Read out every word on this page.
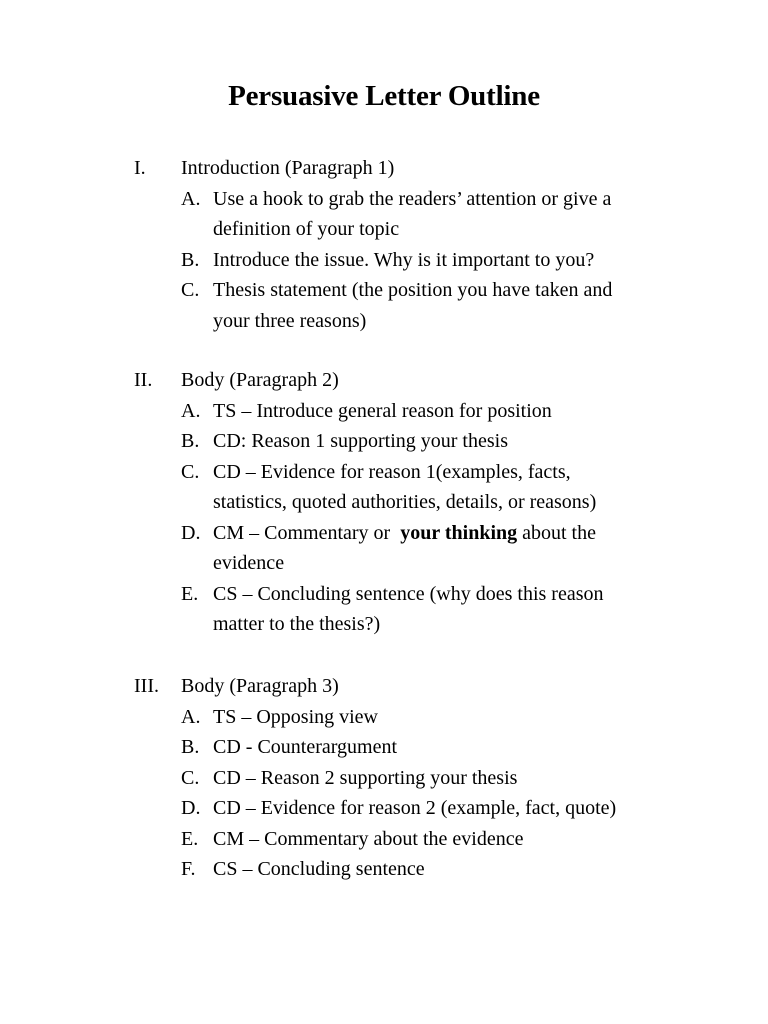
Persuasive Letter Outline
I. Introduction (Paragraph 1)
A. Use a hook to grab the readers’ attention or give a
definition of your topic
B. Introduce the issue. Why is it important to you?
C. Thesis statement (the position you have taken and
your three reasons)
II. Body (Paragraph 2)
A. TS – Introduce general reason for position
B. CD: Reason 1 supporting your thesis
C. CD – Evidence for reason 1(examples, facts,
statistics, quoted authorities, details, or reasons)
D. CM – Commentary or  your thinking about the
evidence
E. CS – Concluding sentence (why does this reason
matter to the thesis?)
III. Body (Paragraph 3)
A. TS – Opposing view
B. CD - Counterargument
C. CD – Reason 2 supporting your thesis
D. CD – Evidence for reason 2 (example, fact, quote)
E. CM – Commentary about the evidence
F. CS – Concluding sentence
